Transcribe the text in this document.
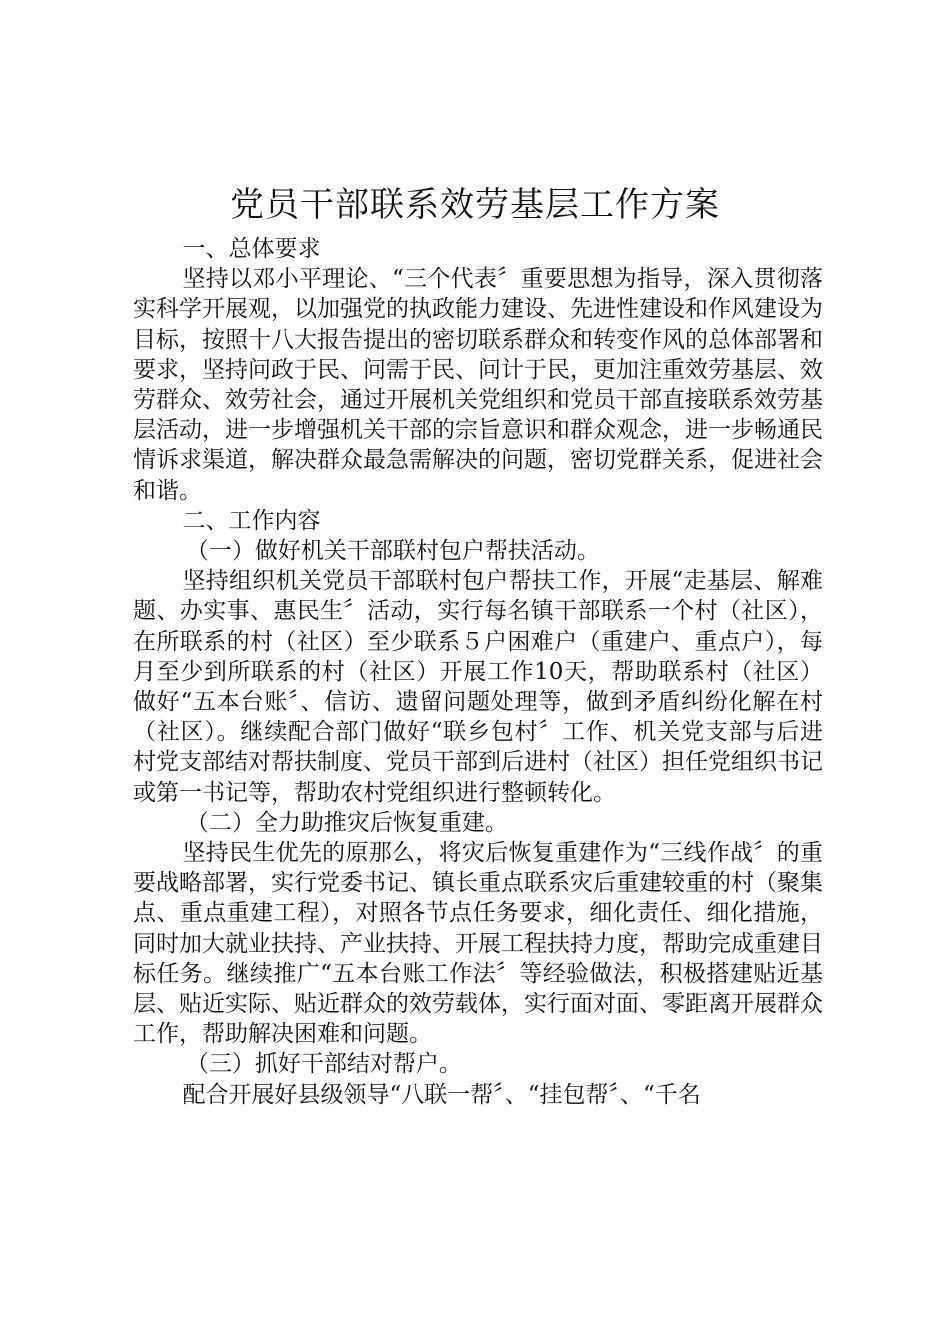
党员干部联系效劳基层工作方案

一、总体要求

坚持以邓小平理论、“三个代表〞重要思想为指导，深入贯彻落实科学开展观，以加强党的执政能力建设、先进性建设和作风建设为目标，按照十八大报告提出的密切联系群众和转变作风的总体部署和要求，坚持问政于民、问需于民、问计于民，更加注重效劳基层、效劳群众、效劳社会，通过开展机关党组织和党员干部直接联系效劳基层活动，进一步增强机关干部的宗旨意识和群众观念，进一步畅通民情诉求渠道，解决群众最急需解决的问题，密切党群关系，促进社会和谐。

二、工作内容

（一）做好机关干部联村包户帮扶活动。

坚持组织机关党员干部联村包户帮扶工作，开展“走基层、解难题、办实事、惠民生〞活动，实行每名镇干部联系一个村（社区），在所联系的村（社区）至少联系５户困难户（重建户、重点户），每月至少到所联系的村（社区）开展工作10天，帮助联系村（社区）做好“五本台账〞、信访、遗留问题处理等，做到矛盾纠纷化解在村（社区）。继续配合部门做好“联乡包村〞工作、机关党支部与后进村党支部结对帮扶制度、党员干部到后进村（社区）担任党组织书记或第一书记等，帮助农村党组织进行整顿转化。

（二）全力助推灾后恢复重建。

坚持民生优先的原那么，将灾后恢复重建作为“三线作战〞的重要战略部署，实行党委书记、镇长重点联系灾后重建较重的村（聚集点、重点重建工程），对照各节点任务要求，细化责任、细化措施，同时加大就业扶持、产业扶持、开展工程扶持力度，帮助完成重建目标任务。继续推广“五本台账工作法〞等经验做法，积极搭建贴近基层、贴近实际、贴近群众的效劳载体，实行面对面、零距离开展群众工作，帮助解决困难和问题。

（三）抓好干部结对帮户。

配合开展好县级领导“八联一帮〞、“挂包帮〞、“千名
